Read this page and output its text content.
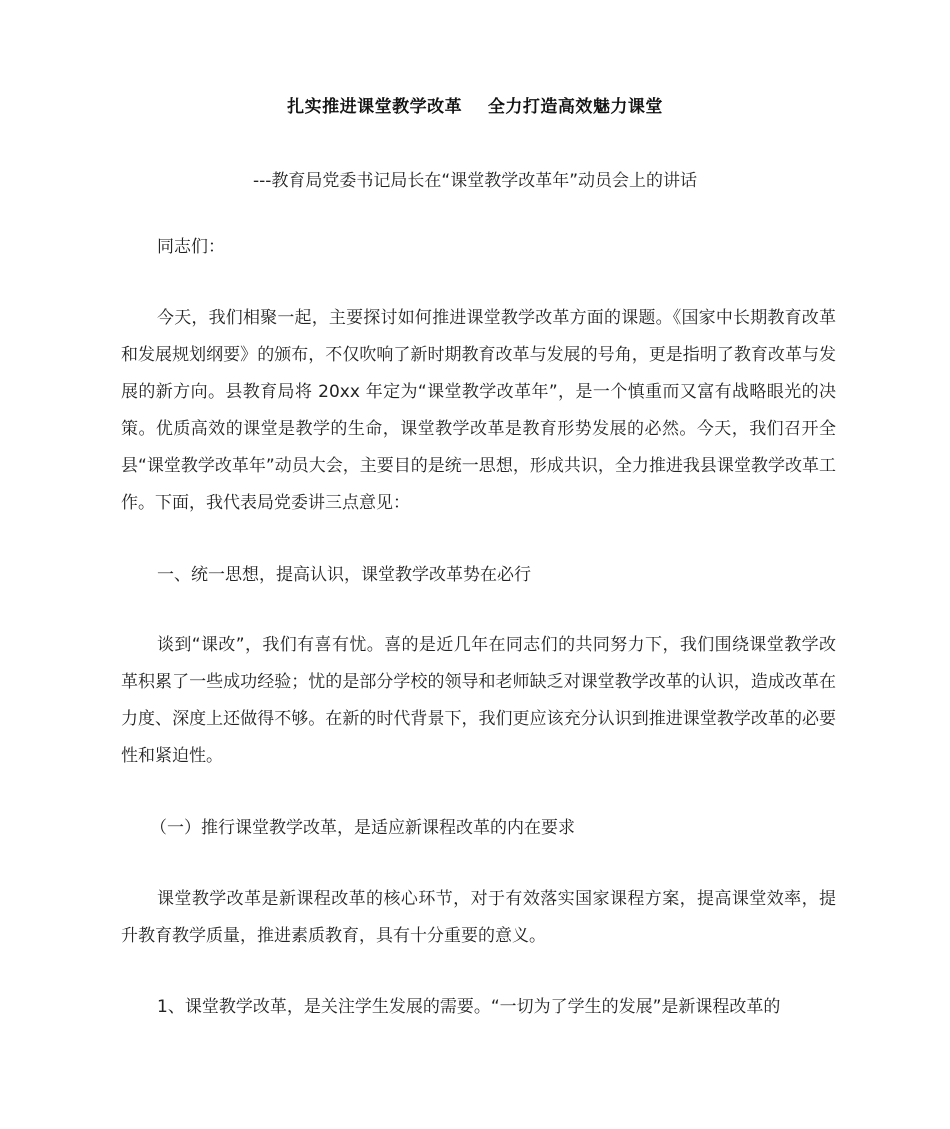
扎实推进课堂教学改革    全力打造高效魅力课堂
---教育局党委书记局长在“课堂教学改革年”动员会上的讲话
同志们：
今天，我们相聚一起，主要探讨如何推进课堂教学改革方面的课题。《国家中长期教育改革和发展规划纲要》的颁布，不仅吹响了新时期教育改革与发展的号角，更是指明了教育改革与发展的新方向。县教育局将 20xx 年定为“课堂教学改革年”，是一个慎重而又富有战略眼光的决策。优质高效的课堂是教学的生命，课堂教学改革是教育形势发展的必然。今天，我们召开全县“课堂教学改革年”动员大会，主要目的是统一思想，形成共识，全力推进我县课堂教学改革工作。下面，我代表局党委讲三点意见：
一、统一思想，提高认识，课堂教学改革势在必行
谈到“课改”，我们有喜有忧。喜的是近几年在同志们的共同努力下，我们围绕课堂教学改革积累了一些成功经验；忧的是部分学校的领导和老师缺乏对课堂教学改革的认识，造成改革在力度、深度上还做得不够。在新的时代背景下，我们更应该充分认识到推进课堂教学改革的必要性和紧迫性。
（一）推行课堂教学改革，是适应新课程改革的内在要求
课堂教学改革是新课程改革的核心环节，对于有效落实国家课程方案，提高课堂效率，提升教育教学质量，推进素质教育，具有十分重要的意义。
1、课堂教学改革，是关注学生发展的需要。“一切为了学生的发展”是新课程改革的
